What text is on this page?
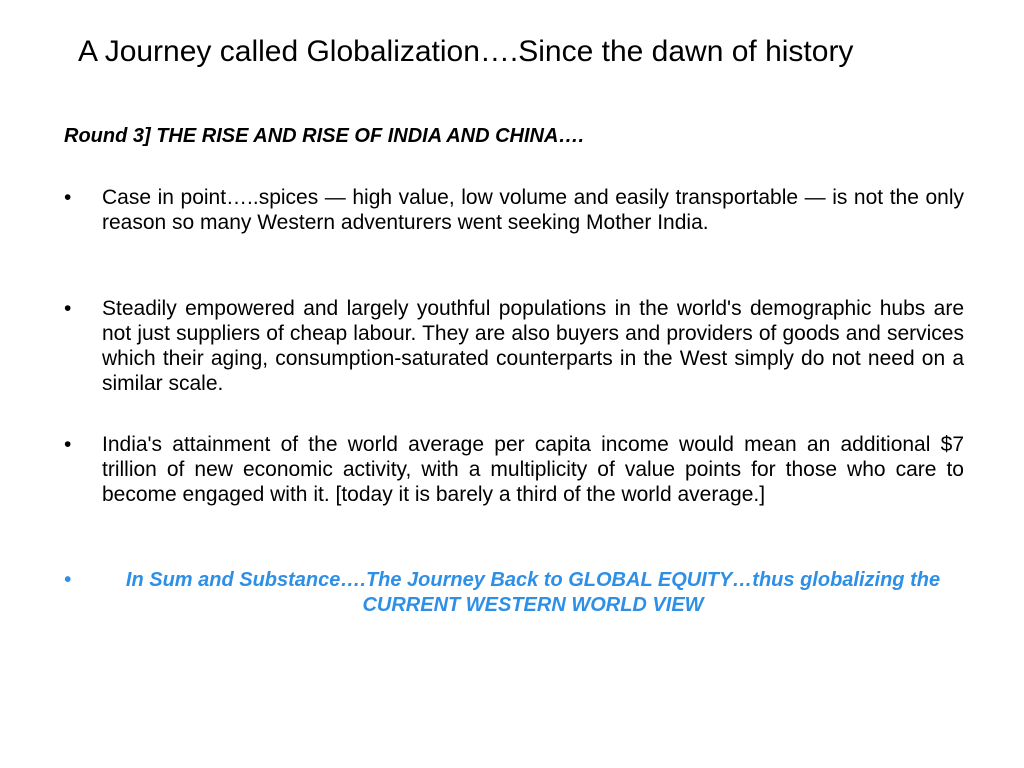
A Journey called Globalization….Since the dawn of history
Round 3] THE RISE AND RISE OF INDIA AND CHINA….
•	Case in point…..spices — high value, low volume and easily transportable — is not the only reason so many Western adventurers went seeking Mother India.
•	Steadily empowered and largely youthful populations in the world's demographic hubs are not just suppliers of cheap labour. They are also buyers and providers of goods and services which their aging, consumption-saturated counterparts in the West simply do not need on a similar scale.
•	India's attainment of the world average per capita income would mean an additional $7 trillion of new economic activity, with a multiplicity of value points for those who care to become engaged with it. [today it is barely a third of the world average.]
•	In Sum and Substance….The Journey Back to GLOBAL EQUITY…thus globalizing the CURRENT WESTERN WORLD VIEW
